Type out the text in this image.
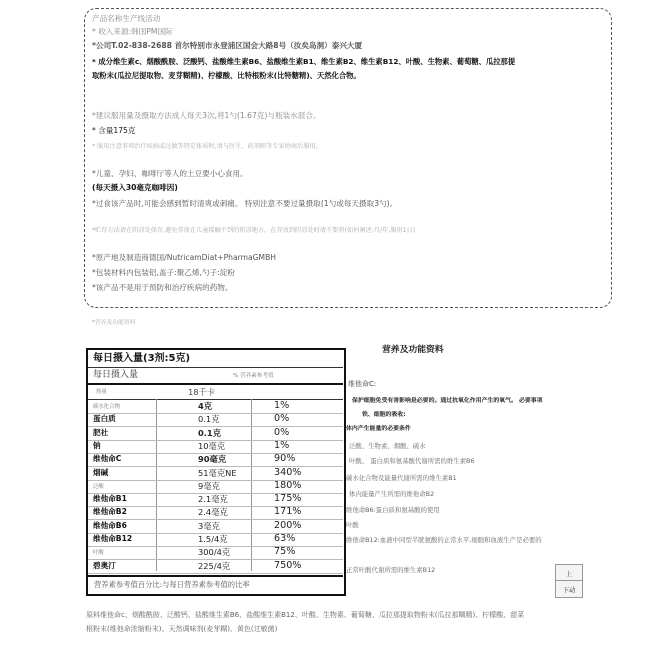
产品名称生产线活动
* 收入来源:韩国PM国际
*公司T.02-838-2688 首尔特别市永登浦区国会大路8号（汝矣岛洞）泰兴大厦
* 成分维生素c、烟酸酰胺、泛酸钙、盐酸维生素B6、盐酸维生素B1、维生素B2、维生素B12、叶酸、生物素、葡萄糖、瓜拉那提
取粉末(瓜拉尼提取物、麦芽糊精)、柠檬酸、比特根粉末(比特糖精)、天然化合物。
*建议服用量及摄取方法成人每天3次,将1勺(1.67克)与瓶装水混合。
* 含量175克
* 服用注意事项治疗疾病或过敏等特定体质时,请与医生、药剂师等专家协商后服用。
*儿童、孕妇、咖啡厅等人的土豆要小心食用。
(每天摄入30毫克咖啡因)
*过食该产品时,可能会感到暂时清爽或刺痛。 特别注意不要过量摄取(1勺或每天摄取3勺)。
*贮存方法请在阴凉处保存,避免存放在儿童接触不到的阴凉地方。在存放到阴凉处时请不要将(如何阐述:月/年,服用1日)
*原产地及制造商德国/NutricamDiat+PharmaGMBH
*包装材料内包装铝,盖子:聚乙烯,勺子:淀粉
*该产品不是用于预防和治疗疾病的药物。
*营养及功能资料
每日摄入量(3剂:5克)
每日摄入量	% 营养素参考值
热量	18千卡
碳水化合物	4克	1%
蛋白质	0.1克	0%
肥社	0.1克	0%
钠	10毫克	1%
维他命C	90毫克	90%
烟碱	51毫克NE	340%
泛酸	9毫克	180%
维他命B1	2.1毫克	175%
维他命B2	2.4毫克	171%
维他命B6	3毫克	200%
维他命B12	1.5/4克	63%
叶酸	300/4克	75%
碧奥汀	225/4克	750%
营养素参考值百分比:与每日营养素参考值的比率
营养及功能资料
维他命C:
保护细胞免受有害影响是必要的。通过抗氧化作用产生的氧气。 必要事项
铁、细胞的吸收:
体内产生能量的必要条件
泛酸、生物素、烟酸、硫水
叶酸、 蛋白质和氨基酸代谢所需的维生素B6
碳水化合物及能量代谢所需的维生素B1
体内能量产生所需的维他命B2
维他命B6:蛋白质和氨基酸的使用
叶酸
维他命B12:血液中同型半胱氨酸的正常水平,细胞和血液生产是必要的
正常叶酸代谢所需的维生素B12	上
下动
原料维他命c、烟酸酰胺、泛酸钙、盐酸维生素B6、盐酸维生素B12、叶酸、生物素、葡萄糖、瓜拉那提取物粉末(瓜拉那糊精)、柠檬酸、甜菜
根粉末(维他命浓缩粉末)、天然调味剂(麦芽糊)、黄色(过敏菌)
